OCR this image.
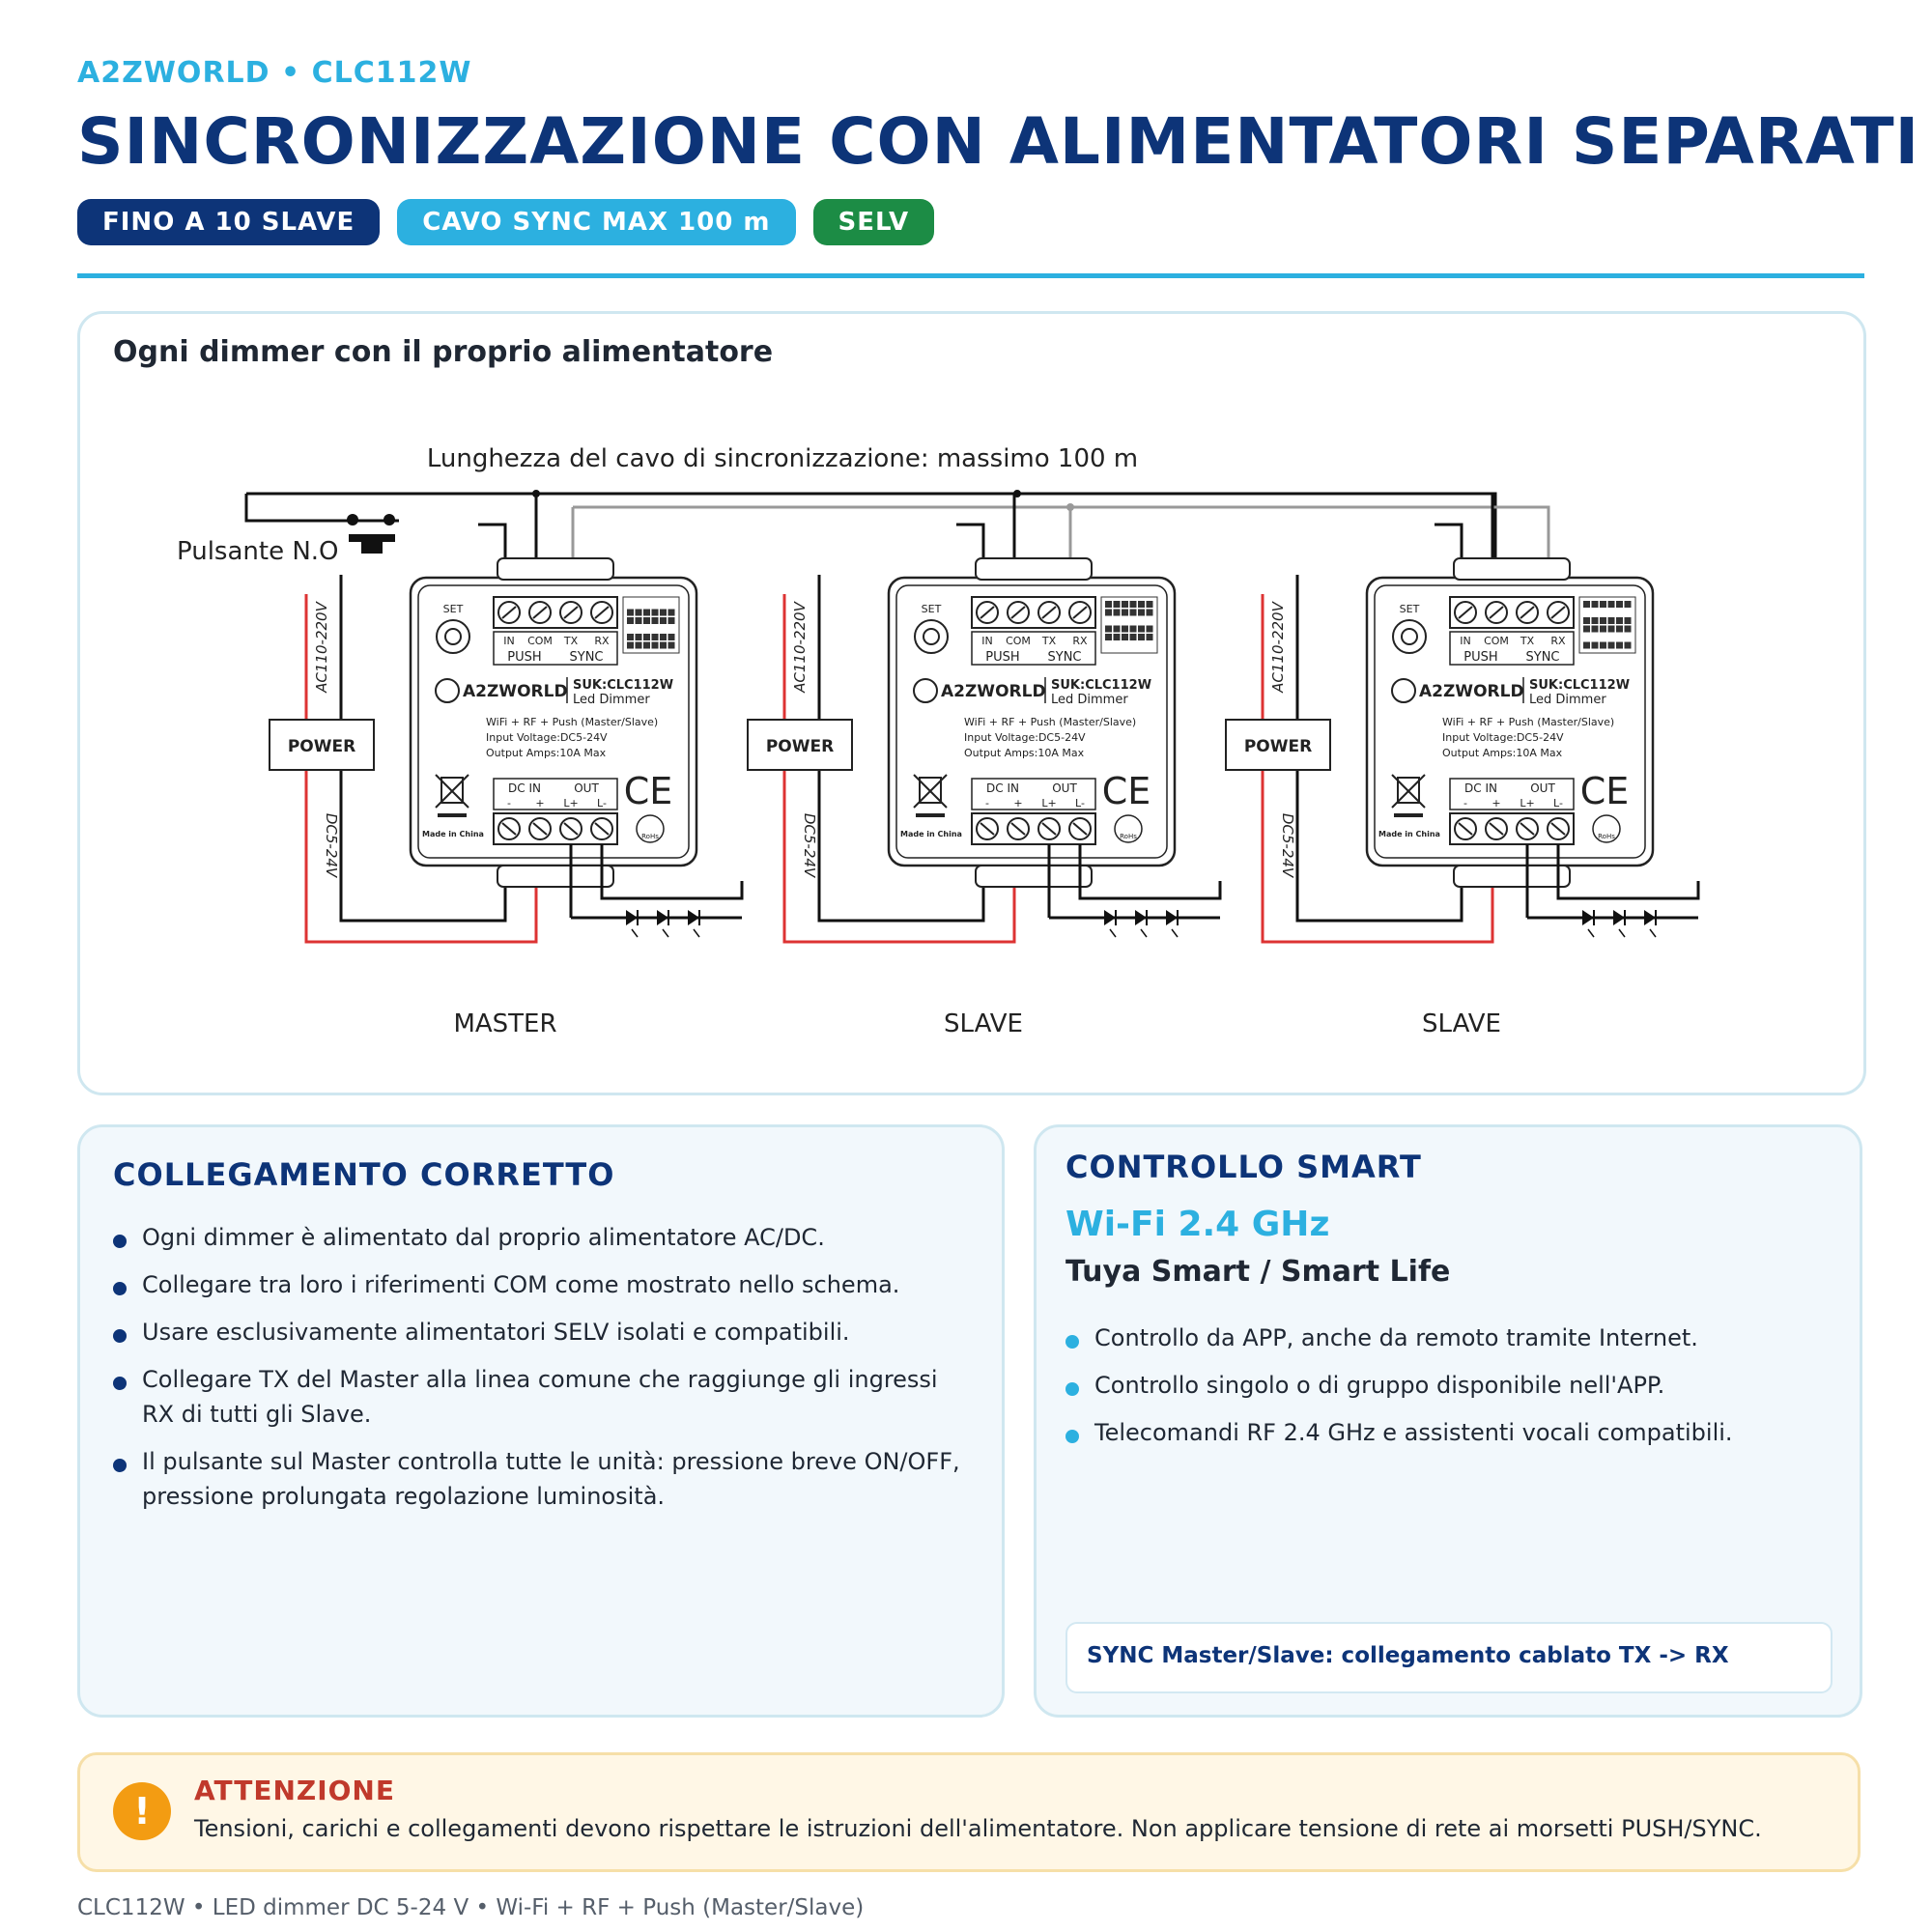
A2ZWORLD • CLC112W
SINCRONIZZAZIONE CON ALIMENTATORI SEPARATI
FINO A 10 SLAVE	CAVO SYNC MAX 100 m	SELV
Ogni dimmer con il proprio alimentatore
Lunghezza del cavo di sincronizzazione: massimo 100 m
Pulsante N.O
POWER
AC110-220V
DC5-24V
IN COM TX RX
PUSH SYNC
SET
A2ZWORLD SUK:CLC112W
Led Dimmer
WiFi + RF + Push (Master/Slave)
Input Voltage:DC5-24V
Output Amps:10A Max
DC IN	OUT
- + L+ L-
Made in China
CE
RoHs
MASTER
POWER
AC110-220V
DC5-24V
IN COM TX RX
PUSH SYNC
SET
A2ZWORLD SUK:CLC112W
Led Dimmer
WiFi + RF + Push (Master/Slave)
Input Voltage:DC5-24V
Output Amps:10A Max
DC IN	OUT
- + L+ L-
Made in China
CE
RoHs
SLAVE
POWER
AC110-220V
DC5-24V
IN COM TX RX
PUSH SYNC
SET
A2ZWORLD SUK:CLC112W
Led Dimmer
WiFi + RF + Push (Master/Slave)
Input Voltage:DC5-24V
Output Amps:10A Max
DC IN	OUT
- + L+ L-
Made in China
CE
RoHs
SLAVE
COLLEGAMENTO CORRETTO
Ogni dimmer è alimentato dal proprio alimentatore AC/DC.
Collegare tra loro i riferimenti COM come mostrato nello schema.
Usare esclusivamente alimentatori SELV isolati e compatibili.
Collegare TX del Master alla linea comune che raggiunge gli ingressi RX di tutti gli Slave.
Il pulsante sul Master controlla tutte le unità: pressione breve ON/OFF, pressione prolungata regolazione luminosità.
CONTROLLO SMART
Wi-Fi 2.4 GHz
Tuya Smart / Smart Life
Controllo da APP, anche da remoto tramite Internet.
Controllo singolo o di gruppo disponibile nell'APP.
Telecomandi RF 2.4 GHz e assistenti vocali compatibili.
SYNC Master/Slave: collegamento cablato TX -> RX
!	ATTENZIONE
Tensioni, carichi e collegamenti devono rispettare le istruzioni dell'alimentatore. Non applicare tensione di rete ai morsetti PUSH/SYNC.
CLC112W • LED dimmer DC 5-24 V • Wi-Fi + RF + Push (Master/Slave)
